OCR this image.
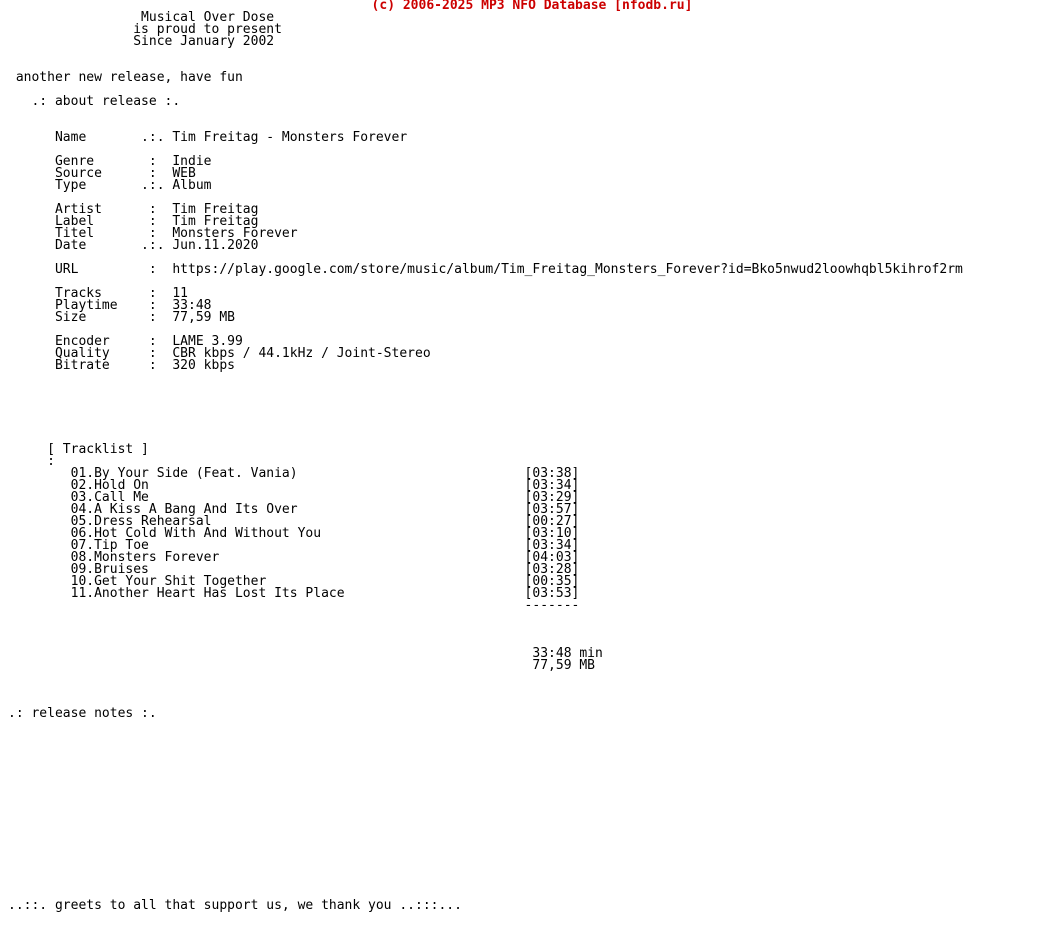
(c) 2006-2025 MP3 NFO Database [nfodb.ru]
Musical Over Dose
is proud to present
Since January 2002
another new release, have fun
.: about release :.
Name       .:. Tim Freitag - Monsters Forever
Genre       :  Indie
Source      :  WEB
Type       .:. Album
Artist      :  Tim Freitag
Label       :  Tim Freitag
Titel       :  Monsters Forever
Date       .:. Jun.11.2020
URL         :  https://play.google.com/store/music/album/Tim_Freitag_Monsters_Forever?id=Bko5nwud2loowhqbl5kihrof2rm
Tracks      :  11
Playtime    :  33:48
Size        :  77,59 MB
Encoder     :  LAME 3.99
Quality     :  CBR kbps / 44.1kHz / Joint-Stereo
Bitrate     :  320 kbps
[ Tracklist ]
:
01.By Your Side (Feat. Vania)                             [03:38]
02.Hold On                                                [03:34]
03.Call Me                                                [03:29]
04.A Kiss A Bang And Its Over                             [03:57]
05.Dress Rehearsal                                        [00:27]
06.Hot Cold With And Without You                          [03:10]
07.Tip Toe                                                [03:34]
08.Monsters Forever                                       [04:03]
09.Bruises                                                [03:28]
10.Get Your Shit Together                                 [00:35]
11.Another Heart Has Lost Its Place                       [03:53]
-------
33:48 min
77,59 MB
.: release notes :.
..::. greets to all that support us, we thank you ..:::...
